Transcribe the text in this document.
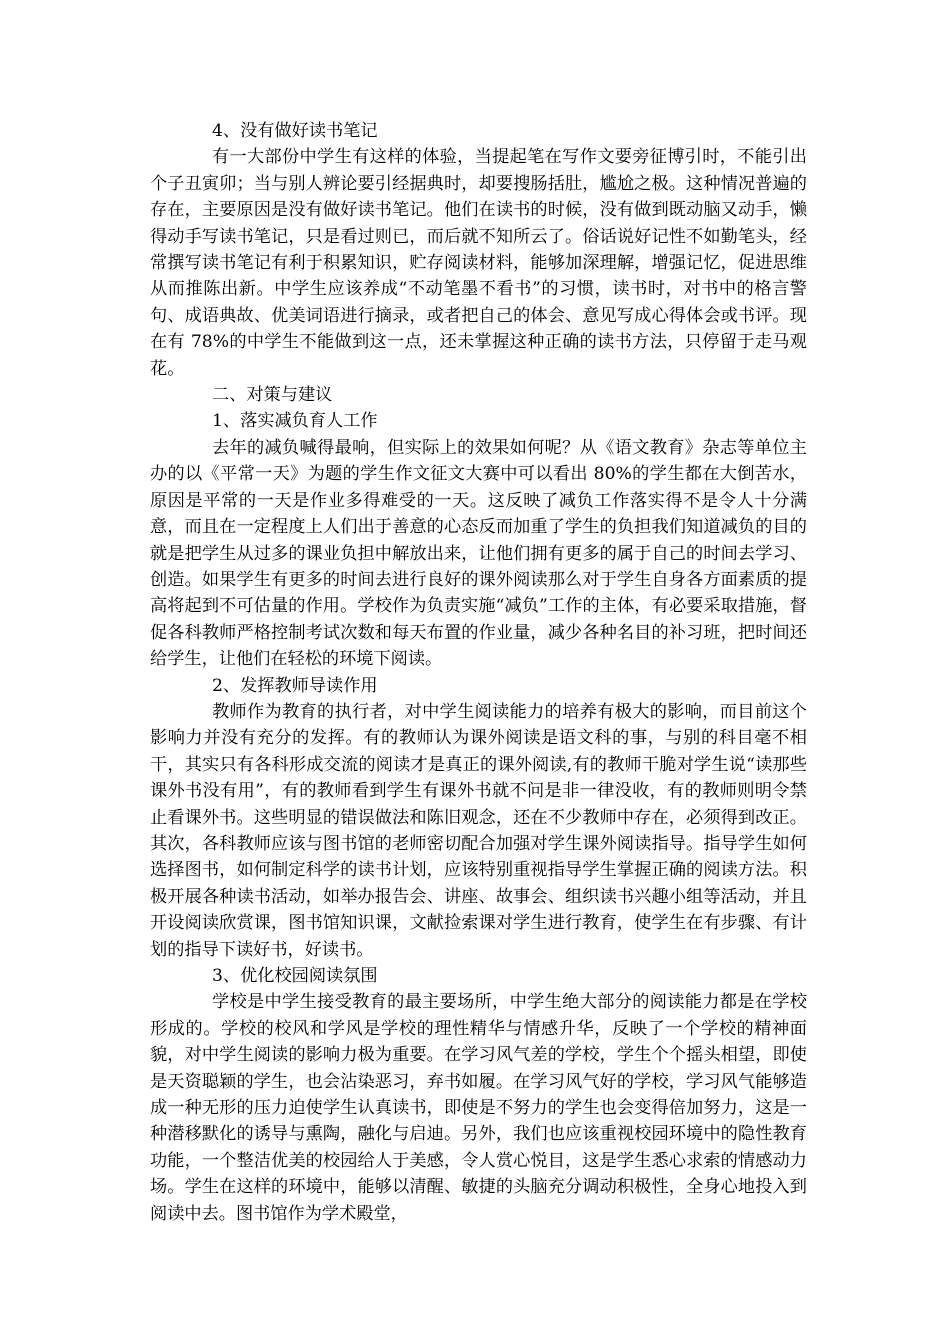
4、没有做好读书笔记

有一大部份中学生有这样的体验，当提起笔在写作文要旁征博引时，不能引出个子丑寅卯；当与别人辨论要引经据典时，却要搜肠括肚，尴尬之极。这种情况普遍的存在，主要原因是没有做好读书笔记。他们在读书的时候，没有做到既动脑又动手，懒得动手写读书笔记，只是看过则已，而后就不知所云了。俗话说好记性不如勤笔头，经常撰写读书笔记有利于积累知识，贮存阅读材料，能够加深理解，增强记忆，促进思维从而推陈出新。中学生应该养成“不动笔墨不看书”的习惯，读书时，对书中的格言警句、成语典故、优美词语进行摘录，或者把自己的体会、意见写成心得体会或书评。现在有 78%的中学生不能做到这一点，还未掌握这种正确的读书方法，只停留于走马观花。

二、对策与建议

1、落实减负育人工作

去年的减负喊得最响，但实际上的效果如何呢？从《语文教育》杂志等单位主办的以《平常一天》为题的学生作文征文大赛中可以看出 80%的学生都在大倒苦水，原因是平常的一天是作业多得难受的一天。这反映了减负工作落实得不是令人十分满意，而且在一定程度上人们出于善意的心态反而加重了学生的负担我们知道减负的目的就是把学生从过多的课业负担中解放出来，让他们拥有更多的属于自己的时间去学习、创造。如果学生有更多的时间去进行良好的课外阅读那么对于学生自身各方面素质的提高将起到不可估量的作用。学校作为负责实施“减负”工作的主体，有必要采取措施，督促各科教师严格控制考试次数和每天布置的作业量，减少各种名目的补习班，把时间还给学生，让他们在轻松的环境下阅读。

2、发挥教师导读作用

教师作为教育的执行者，对中学生阅读能力的培养有极大的影响，而目前这个影响力并没有充分的发挥。有的教师认为课外阅读是语文科的事，与别的科目毫不相干，其实只有各科形成交流的阅读才是真正的课外阅读,有的教师干脆对学生说“读那些课外书没有用”，有的教师看到学生有课外书就不问是非一律没收，有的教师则明令禁止看课外书。这些明显的错误做法和陈旧观念，还在不少教师中存在，必须得到改正。其次，各科教师应该与图书馆的老师密切配合加强对学生课外阅读指导。指导学生如何选择图书，如何制定科学的读书计划，应该特别重视指导学生掌握正确的阅读方法。积极开展各种读书活动，如举办报告会、讲座、故事会、组织读书兴趣小组等活动，并且开设阅读欣赏课，图书馆知识课，文献捡索课对学生进行教育，使学生在有步骤、有计划的指导下读好书，好读书。

3、优化校园阅读氛围

学校是中学生接受教育的最主要场所，中学生绝大部分的阅读能力都是在学校形成的。学校的校风和学风是学校的理性精华与情感升华，反映了一个学校的精神面貌，对中学生阅读的影响力极为重要。在学习风气差的学校，学生个个摇头相望，即使是天资聪颖的学生，也会沾染恶习，弃书如履。在学习风气好的学校，学习风气能够造成一种无形的压力迫使学生认真读书，即使是不努力的学生也会变得倍加努力，这是一种潜移默化的诱导与熏陶，融化与启迪。另外，我们也应该重视校园环境中的隐性教育功能，一个整洁优美的校园给人于美感，令人赏心悦目，这是学生悉心求索的情感动力场。学生在这样的环境中，能够以清醒、敏捷的头脑充分调动积极性，全身心地投入到阅读中去。图书馆作为学术殿堂，
